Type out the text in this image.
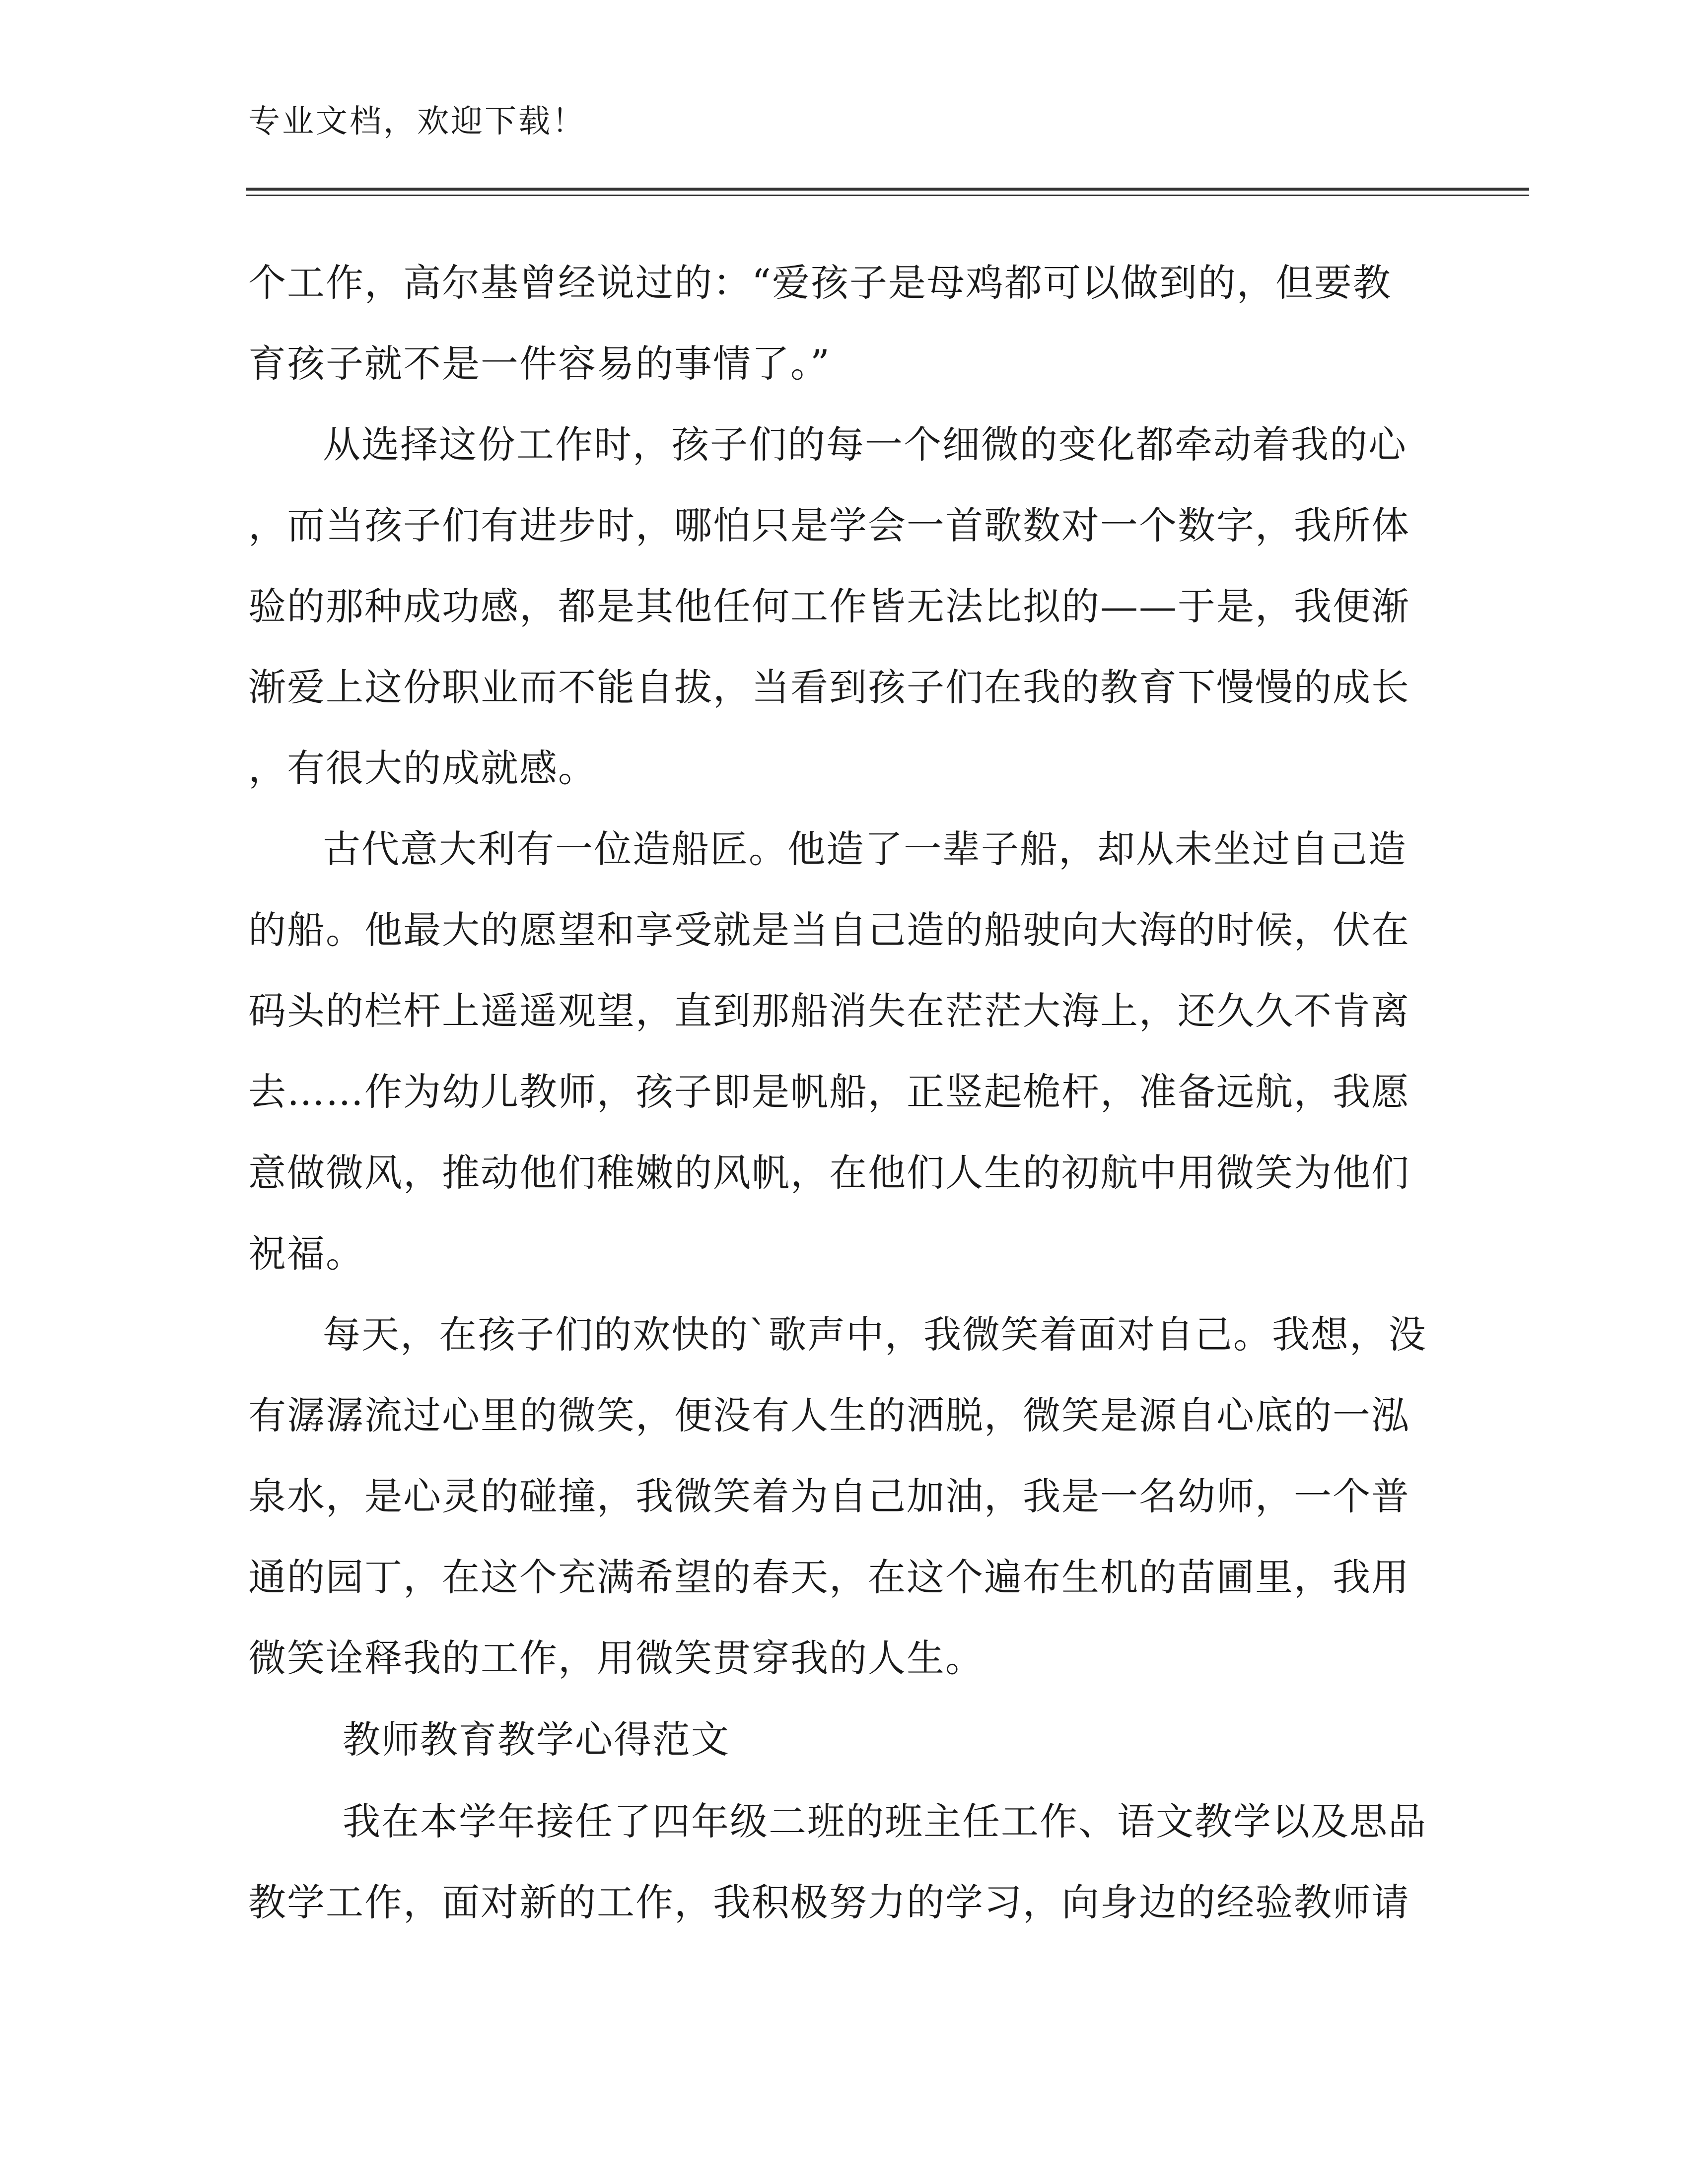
专业文档，欢迎下载！
个工作，高尔基曾经说过的：“爱孩子是母鸡都可以做到的，但要教
育孩子就不是一件容易的事情了。”
从选择这份工作时，孩子们的每一个细微的变化都牵动着我的心
，而当孩子们有进步时，哪怕只是学会一首歌数对一个数字，我所体
验的那种成功感，都是其他任何工作皆无法比拟的——于是，我便渐
渐爱上这份职业而不能自拔，当看到孩子们在我的教育下慢慢的成长
，有很大的成就感。
古代意大利有一位造船匠。他造了一辈子船，却从未坐过自己造
的船。他最大的愿望和享受就是当自己造的船驶向大海的时候，伏在
码头的栏杆上遥遥观望，直到那船消失在茫茫大海上，还久久不肯离
去……作为幼儿教师，孩子即是帆船，正竖起桅杆，准备远航，我愿
意做微风，推动他们稚嫩的风帆，在他们人生的初航中用微笑为他们
祝福。
每天，在孩子们的欢快的`歌声中，我微笑着面对自己。我想，没
有潺潺流过心里的微笑，便没有人生的洒脱，微笑是源自心底的一泓
泉水，是心灵的碰撞，我微笑着为自己加油，我是一名幼师，一个普
通的园丁，在这个充满希望的春天，在这个遍布生机的苗圃里，我用
微笑诠释我的工作，用微笑贯穿我的人生。
教师教育教学心得范文
我在本学年接任了四年级二班的班主任工作、语文教学以及思品
教学工作，面对新的工作，我积极努力的学习，向身边的经验教师请
